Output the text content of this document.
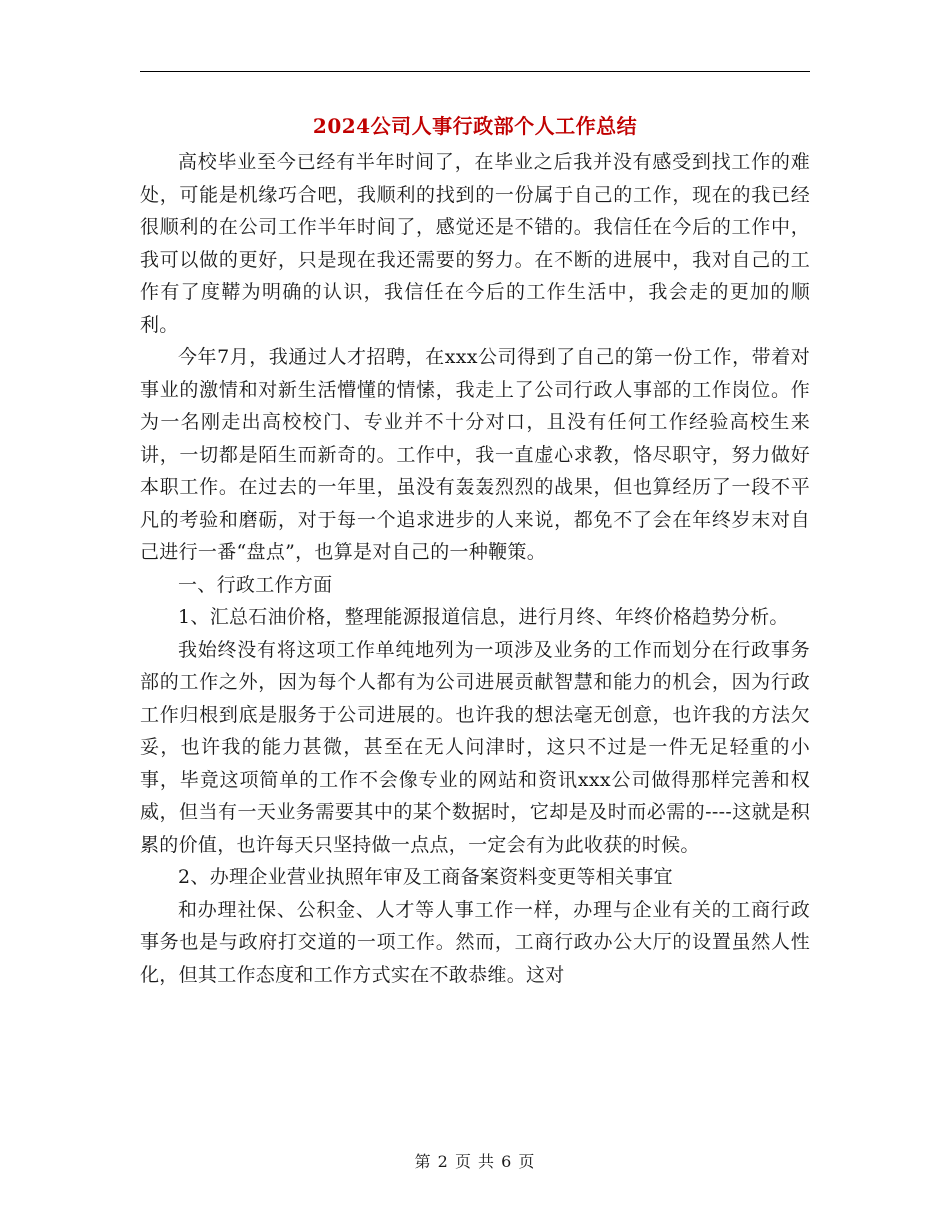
2024公司人事行政部个人工作总结

高校毕业至今已经有半年时间了，在毕业之后我并没有感受到找工作的难处，可能是机缘巧合吧，我顺利的找到的一份属于自己的工作，现在的我已经很顺利的在公司工作半年时间了，感觉还是不错的。我信任在今后的工作中，我可以做的更好，只是现在我还需要的努力。在不断的进展中，我对自己的工作有了度鞯为明确的认识，我信任在今后的工作生活中，我会走的更加的顺利。

今年7月，我通过人才招聘，在xxx公司得到了自己的第一份工作，带着对事业的激情和对新生活懵懂的情愫，我走上了公司行政人事部的工作岗位。作为一名刚走出高校校门、专业并不十分对口，且没有任何工作经验高校生来讲，一切都是陌生而新奇的。工作中，我一直虚心求教，恪尽职守，努力做好本职工作。在过去的一年里，虽没有轰轰烈烈的战果，但也算经历了一段不平凡的考验和磨砺，对于每一个追求进步的人来说，都免不了会在年终岁末对自己进行一番“盘点”，也算是对自己的一种鞭策。

一、行政工作方面

1、汇总石油价格，整理能源报道信息，进行月终、年终价格趋势分析。

我始终没有将这项工作单纯地列为一项涉及业务的工作而划分在行政事务部的工作之外，因为每个人都有为公司进展贡献智慧和能力的机会，因为行政工作归根到底是服务于公司进展的。也许我的想法毫无创意，也许我的方法欠妥，也许我的能力甚微，甚至在无人问津时，这只不过是一件无足轻重的小事，毕竟这项简单的工作不会像专业的网站和资讯xxx公司做得那样完善和权威，但当有一天业务需要其中的某个数据时，它却是及时而必需的----这就是积累的价值，也许每天只坚持做一点点，一定会有为此收获的时候。

2、办理企业营业执照年审及工商备案资料变更等相关事宜

和办理社保、公积金、人才等人事工作一样，办理与企业有关的工商行政事务也是与政府打交道的一项工作。然而，工商行政办公大厅的设置虽然人性化，但其工作态度和工作方式实在不敢恭维。这对

第 2 页 共 6 页
